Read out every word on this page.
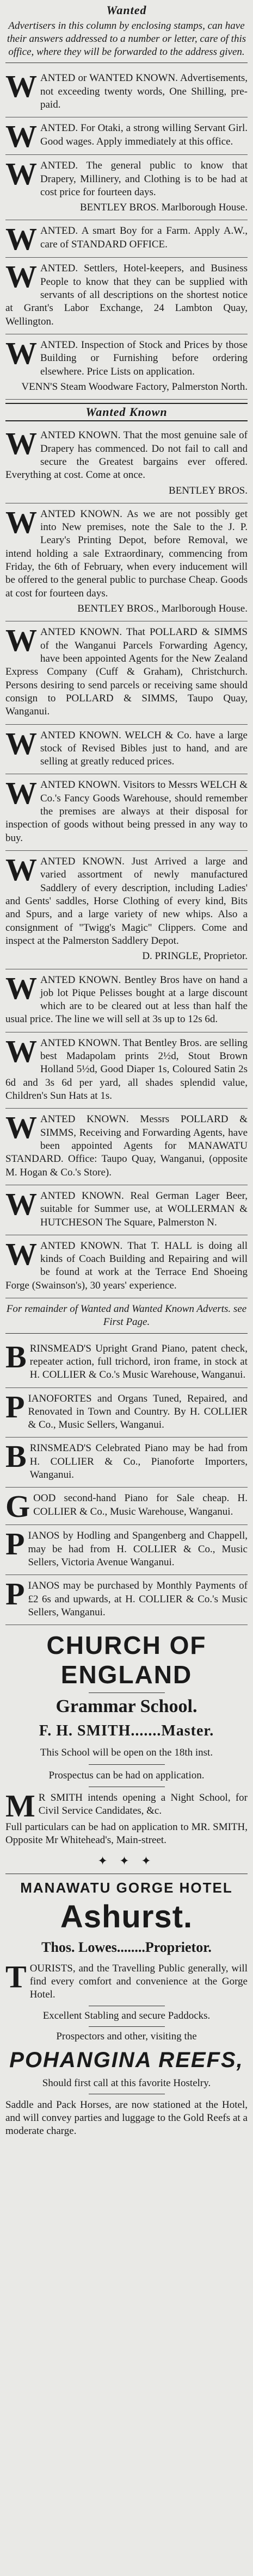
Wanted
Advertisers in this column by enclosing stamps, can have their answers addressed to a number or letter, care of this office, where they will be forwarded to the address given.

WANTED or WANTED KNOWN. Advertisements, not exceeding twenty words, One Shilling, pre-paid.

WANTED. For Otaki, a strong willing Servant Girl. Good wages. Apply immediately at this office.

WANTED. The general public to know that Drapery, Millinery, and Clothing is to be had at cost price for fourteen days.

BENTLEY BROS. Marlborough House.

WANTED. A smart Boy for a Farm. Apply A.W., care of STANDARD OFFICE.

WANTED. Settlers, Hotel-keepers, and Business People to know that they can be supplied with servants of all descriptions on the shortest notice at Grant's Labor Exchange, 24 Lambton Quay, Wellington.

WANTED. Inspection of Stock and Prices by those Building or Furnishing before ordering elsewhere. Price Lists on application.

VENN'S Steam Woodware Factory, Palmerston North.
Wanted Known

WANTED KNOWN. That the most genuine sale of Drapery has commenced. Do not fail to call and secure the Greatest bargains ever offered. Everything at cost. Come at once.

BENTLEY BROS.

WANTED KNOWN. As we are not possibly get into New premises, note the Sale to the J. P. Leary's Printing Depot, before Removal, we intend holding a sale Extraordinary, commencing from Friday, the 6th of February, when every inducement will be offered to the general public to purchase Cheap. Goods at cost for fourteen days.

BENTLEY BROS., Marlborough House.

WANTED KNOWN. That POLLARD & SIMMS of the Wanganui Parcels Forwarding Agency, have been appointed Agents for the New Zealand Express Company (Cuff & Graham), Christchurch. Persons desiring to send parcels or receiving same should consign to POLLARD & SIMMS, Taupo Quay, Wanganui.

WANTED KNOWN. WELCH & Co. have a large stock of Revised Bibles just to hand, and are selling at greatly reduced prices.

WANTED KNOWN. Visitors to Messrs WELCH & Co.'s Fancy Goods Warehouse, should remember the premises are always at their disposal for inspection of goods without being pressed in any way to buy.

WANTED KNOWN. Just Arrived a large and varied assortment of newly manufactured Saddlery of every description, including Ladies' and Gents' saddles, Horse Clothing of every kind, Bits and Spurs, and a large variety of new whips. Also a consignment of "Twigg's Magic" Clippers. Come and inspect at the Palmerston Saddlery Depot.

D. PRINGLE, Proprietor.

WANTED KNOWN. Bentley Bros have on hand a job lot Pique Pelisses bought at a large discount which are to be cleared out at less than half the usual price. The line we will sell at 3s up to 12s 6d.

WANTED KNOWN. That Bentley Bros. are selling best Madapolam prints 2½d, Stout Brown Holland 5½d, Good Diaper 1s, Coloured Satin 2s 6d and 3s 6d per yard, all shades splendid value, Children's Sun Hats at 1s.

WANTED KNOWN. Messrs POLLARD & SIMMS, Receiving and Forwarding Agents, have been appointed Agents for MANAWATU STANDARD. Office: Taupo Quay, Wanganui, (opposite M. Hogan & Co.'s Store).

WANTED KNOWN. Real German Lager Beer, suitable for Summer use, at WOLLERMAN & HUTCHESON The Square, Palmerston N.

WANTED KNOWN. That T. HALL is doing all kinds of Coach Building and Repairing and will be found at work at the Terrace End Shoeing Forge (Swainson's), 30 years' experience.

For remainder of Wanted and Wanted Known Adverts. see First Page.

BRINSMEAD'S Upright Grand Piano, patent check, repeater action, full trichord, iron frame, in stock at H. COLLIER & Co.'s Music Warehouse, Wanganui.

PIANOFORTES and Organs Tuned, Repaired, and Renovated in Town and Country. By H. COLLIER & Co., Music Sellers, Wanganui.

BRINSMEAD'S Celebrated Piano may be had from H. COLLIER & Co., Pianoforte Importers, Wanganui.

GOOD second-hand Piano for Sale cheap. H. COLLIER & Co., Music Warehouse, Wanganui.

PIANOS by Hodling and Spangenberg and Chappell, may be had from H. COLLIER & Co., Music Sellers, Victoria Avenue Wanganui.

PIANOS may be purchased by Monthly Payments of £2 6s and upwards, at H. COLLIER & Co.'s Music Sellers, Wanganui.

CHURCH OF ENGLAND
Grammar School.
F. H. SMITH.......Master.

This School will be open on the 18th inst.

Prospectus can be had on application.

M R SMITH intends opening a Night School, for Civil Service Candidates, &c.

Full particulars can be had on application to MR. SMITH, Opposite Mr Whitehead's, Main-street.

✦ ✦ ✦
MANAWATU GORGE HOTEL
Ashurst.
Thos. Lowes........Proprietor.

TOURISTS, and the Travelling Public generally, will find every comfort and convenience at the Gorge Hotel.

Excellent Stabling and secure Paddocks.

Prospectors and other, visiting the

POHANGINA REEFS,

Should first call at this favorite Hostelry.

Saddle and Pack Horses, are now stationed at the Hotel, and will convey parties and luggage to the Gold Reefs at a moderate charge.
